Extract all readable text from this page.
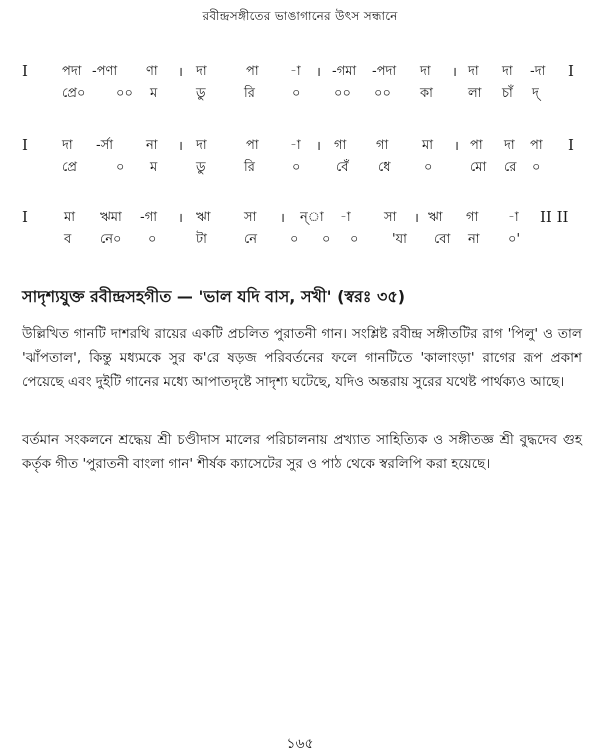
রবীন্দ্রসঙ্গীতের ভাঙাগানের উৎস সন্ধানে
I	পদা -পণা ণা । দা	পা -া । -গমা -পদা দা । দা দা -দা I
প্রে০ ০০ ম	ডু	রি	০	০০ ০০ কা	লা চাঁ দ্
I	দা -র্সা	না । দা	পা -া । গা গা	মা । পা দা পা I
প্রে	০ ম	ডু	রি	০	বেঁ ধে	০	মো রে ০
I	মা ঋমা -গা । ঋা	সা । ন্া -া	সা । ঋা গা -া II II
ব নে০ ০	টা	নে	০ ০ ০	'যা বো না ০'
সাদৃশ্যযুক্ত রবীন্দ্রসহগীত — 'ভাল যদি বাস, সখী' (স্বরঃ ৩৫)

উল্লিখিত গানটি দাশরথি রায়ের একটি প্রচলিত পুরাতনী গান। সংশ্লিষ্ট রবীন্দ্র সঙ্গীতটির রাগ 'পিলু' ও তাল 'ঝাঁপতাল', কিন্তু মধ্যমকে সুর ক'রে ষড়জ পরিবর্তনের ফলে গানটিতে 'কালাংড়া' রাগের রূপ প্রকাশ পেয়েছে এবং দুইটি গানের মধ্যে আপাতদৃষ্টে সাদৃশ্য ঘটেছে, যদিও অন্তরায় সুরের যথেষ্ট পার্থক্যও আছে।

বর্তমান সংকলনে শ্রদ্ধেয় শ্রী চণ্ডীদাস মালের পরিচালনায় প্রখ্যাত সাহিত্যিক ও সঙ্গীতজ্ঞ শ্রী বুদ্ধদেব গুহ কর্তৃক গীত 'পুরাতনী বাংলা গান' শীর্ষক ক্যাসেটের সুর ও পাঠ থেকে স্বরলিপি করা হয়েছে।

১৬৫
